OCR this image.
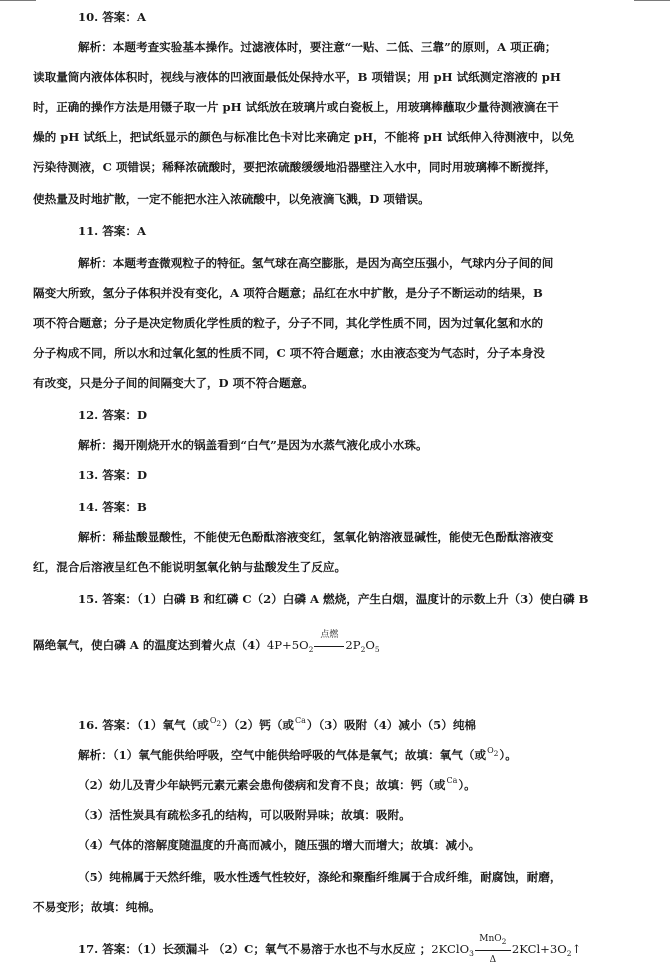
10. 答案：A
解析：本题考查实验基本操作。过滤液体时，要注意“一贴、二低、三靠”的原则，A 项正确；
读取量筒内液体体积时，视线与液体的凹液面最低处保持水平，B 项错误；用 pH 试纸测定溶液的 pH
时，正确的操作方法是用镊子取一片 pH 试纸放在玻璃片或白瓷板上，用玻璃棒蘸取少量待测液滴在干
燥的 pH 试纸上，把试纸显示的颜色与标准比色卡对比来确定 pH，不能将 pH 试纸伸入待测液中，以免
污染待测液，C 项错误；稀释浓硫酸时，要把浓硫酸缓缓地沿器壁注入水中，同时用玻璃棒不断搅拌，
使热量及时地扩散，一定不能把水注入浓硫酸中，以免液滴飞溅，D 项错误。
11. 答案：A
解析：本题考查微观粒子的特征。氢气球在高空膨胀，是因为高空压强小，气球内分子间的间
隔变大所致，氢分子体积并没有变化，A 项符合题意；品红在水中扩散，是分子不断运动的结果，B
项不符合题意；分子是决定物质化学性质的粒子，分子不同，其化学性质不同，因为过氧化氢和水的
分子构成不同，所以水和过氧化氢的性质不同，C 项不符合题意；水由液态变为气态时，分子本身没
有改变，只是分子间的间隔变大了，D 项不符合题意。
12. 答案：D
解析：揭开刚烧开水的锅盖看到“白气”是因为水蒸气液化成小水珠。
13. 答案：D
14. 答案：B
解析：稀盐酸显酸性，不能使无色酚酞溶液变红，氢氧化钠溶液显碱性，能使无色酚酞溶液变
红，混合后溶液呈红色不能说明氢氧化钠与盐酸发生了反应。
15. 答案：（1）白磷 B 和红磷 C（2）白磷 A 燃烧，产生白烟，温度计的示数上升（3）使白磷 B
隔绝氧气，使白磷 A 的温度达到着火点$(4)4P+5O_2$
点燃
$2P_2O_5$
16. 答案：（1）氧气（或$^{O2}$）（2）钙（或$^{Ca}$）（3）吸附（4）减小（5）纯棉
解析：（1）氧气能供给呼吸，空气中能供给呼吸的气体是氧气；故填：氧气（或$^{O2}$）。
（2）幼儿及青少年缺钙元素元素会患佝偻病和发育不良；故填：钙（或$^{Ca}$）。
（3）活性炭具有疏松多孔的结构，可以吸附异味；故填：吸附。
（4）气体的溶解度随温度的升高而减小，随压强的增大而增大；故填：减小。
（5）纯棉属于天然纤维，吸水性透气性较好，涤纶和聚酯纤维属于合成纤维，耐腐蚀，耐磨，
不易变形；故填：纯棉。
17. 答案：（1）长颈漏斗 （2）C；氧气不易溶于水也不与水反应 ；2KClO$_3$
MnO$_2$
Δ
$2KCl+3O_2↑$
